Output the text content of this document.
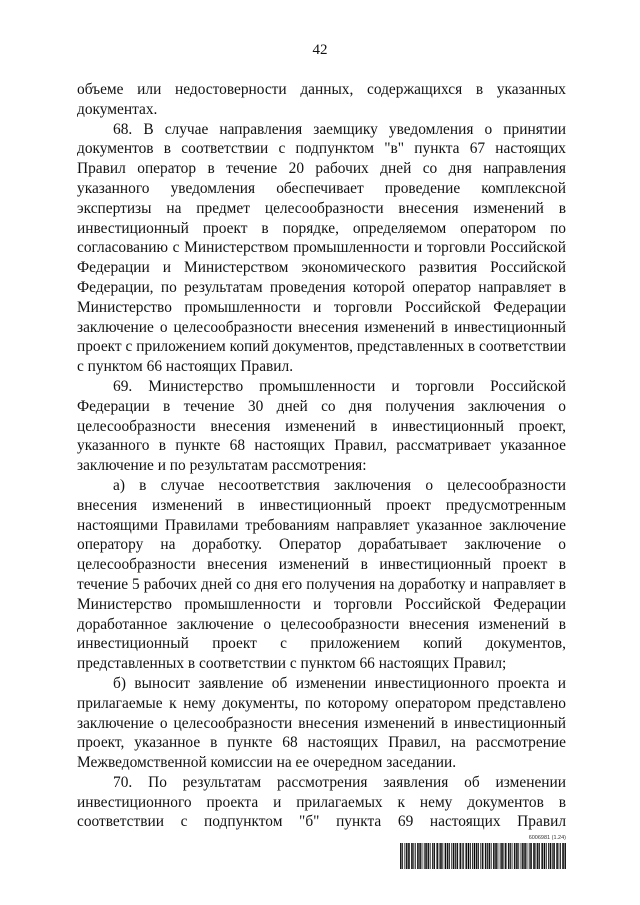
42

объеме или недостоверности данных, содержащихся в указанных документах.

68. В случае направления заемщику уведомления о принятии документов в соответствии с подпунктом "в" пункта 67 настоящих Правил оператор в течение 20 рабочих дней со дня направления указанного уведомления обеспечивает проведение комплексной экспертизы на предмет целесообразности внесения изменений в инвестиционный проект в порядке, определяемом оператором по согласованию с Министерством промышленности и торговли Российской Федерации и Министерством экономического развития Российской Федерации, по результатам проведения которой оператор направляет в Министерство промышленности и торговли Российской Федерации заключение о целесообразности внесения изменений в инвестиционный проект с приложением копий документов, представленных в соответствии с пунктом 66 настоящих Правил.

69. Министерство промышленности и торговли Российской Федерации в течение 30 дней со дня получения заключения о целесообразности внесения изменений в инвестиционный проект, указанного в пункте 68 настоящих Правил, рассматривает указанное заключение и по результатам рассмотрения:

а) в случае несоответствия заключения о целесообразности внесения изменений в инвестиционный проект предусмотренным настоящими Правилами требованиям направляет указанное заключение оператору на доработку. Оператор дорабатывает заключение о целесообразности внесения изменений в инвестиционный проект в течение 5 рабочих дней со дня его получения на доработку и направляет в Министерство промышленности и торговли Российской Федерации доработанное заключение о целесообразности внесения изменений в инвестиционный проект с приложением копий документов, представленных в соответствии с пунктом 66 настоящих Правил;

б) выносит заявление об изменении инвестиционного проекта и прилагаемые к нему документы, по которому оператором представлено заключение о целесообразности внесения изменений в инвестиционный проект, указанное в пункте 68 настоящих Правил, на рассмотрение Межведомственной комиссии на ее очередном заседании.

70. По результатам рассмотрения заявления об изменении инвестиционного проекта и прилагаемых к нему документов в соответствии с подпунктом "б" пункта 69 настоящих Правил

6006981 (1.24)
